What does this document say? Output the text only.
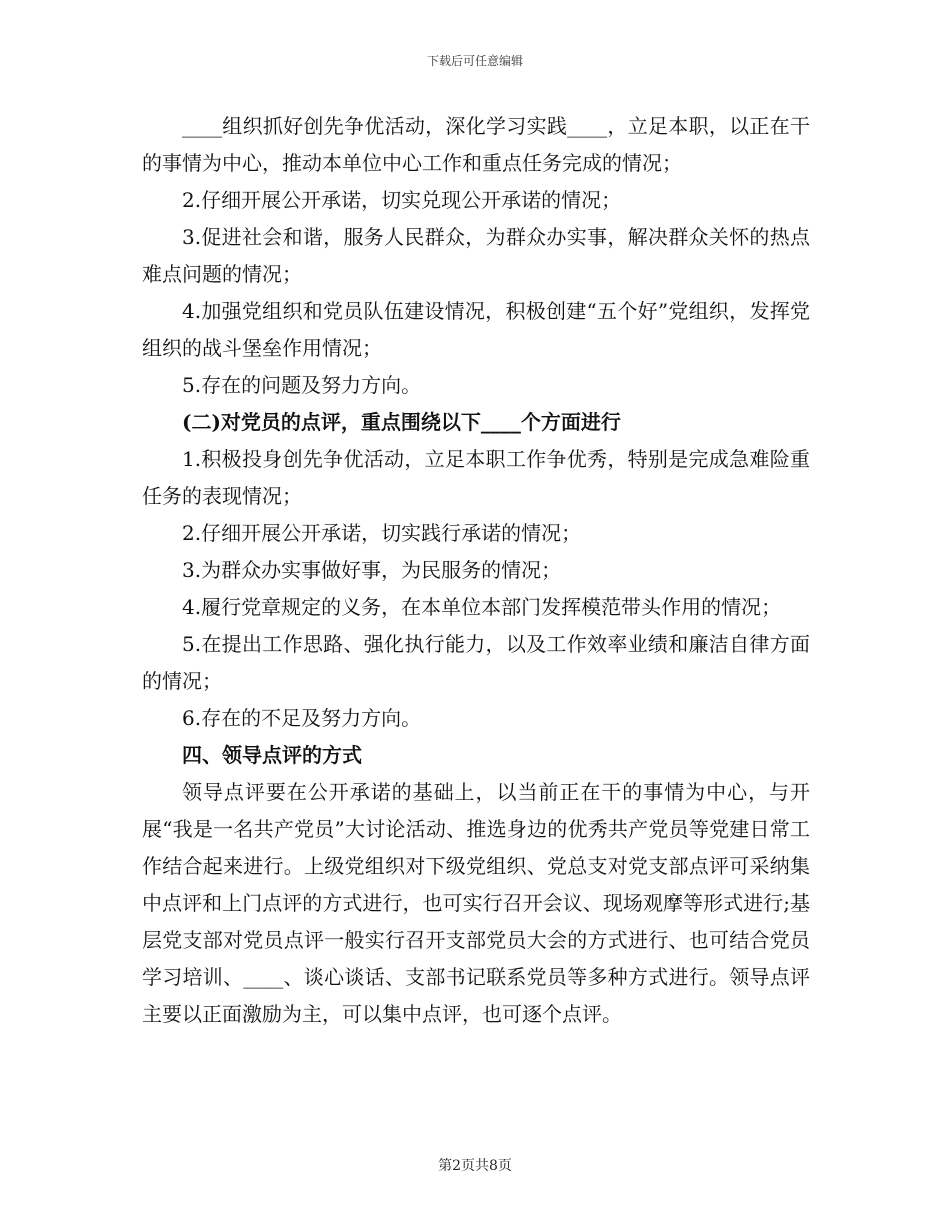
下载后可任意编辑

____组织抓好创先争优活动，深化学习实践____，立足本职，以正在干的事情为中心，推动本单位中心工作和重点任务完成的情况；

2.仔细开展公开承诺，切实兑现公开承诺的情况；

3.促进社会和谐，服务人民群众，为群众办实事，解决群众关怀的热点难点问题的情况；

4.加强党组织和党员队伍建设情况，积极创建“五个好”党组织，发挥党组织的战斗堡垒作用情况；

5.存在的问题及努力方向。

(二)对党员的点评，重点围绕以下____个方面进行

1.积极投身创先争优活动，立足本职工作争优秀，特别是完成急难险重任务的表现情况；

2.仔细开展公开承诺，切实践行承诺的情况；

3.为群众办实事做好事，为民服务的情况；

4.履行党章规定的义务，在本单位本部门发挥模范带头作用的情况；

5.在提出工作思路、强化执行能力，以及工作效率业绩和廉洁自律方面的情况；

6.存在的不足及努力方向。

四、领导点评的方式

领导点评要在公开承诺的基础上，以当前正在干的事情为中心，与开展“我是一名共产党员”大讨论活动、推选身边的优秀共产党员等党建日常工作结合起来进行。上级党组织对下级党组织、党总支对党支部点评可采纳集中点评和上门点评的方式进行，也可实行召开会议、现场观摩等形式进行;基层党支部对党员点评一般实行召开支部党员大会的方式进行、也可结合党员学习培训、____、谈心谈话、支部书记联系党员等多种方式进行。领导点评主要以正面激励为主，可以集中点评，也可逐个点评。

第2页共8页
